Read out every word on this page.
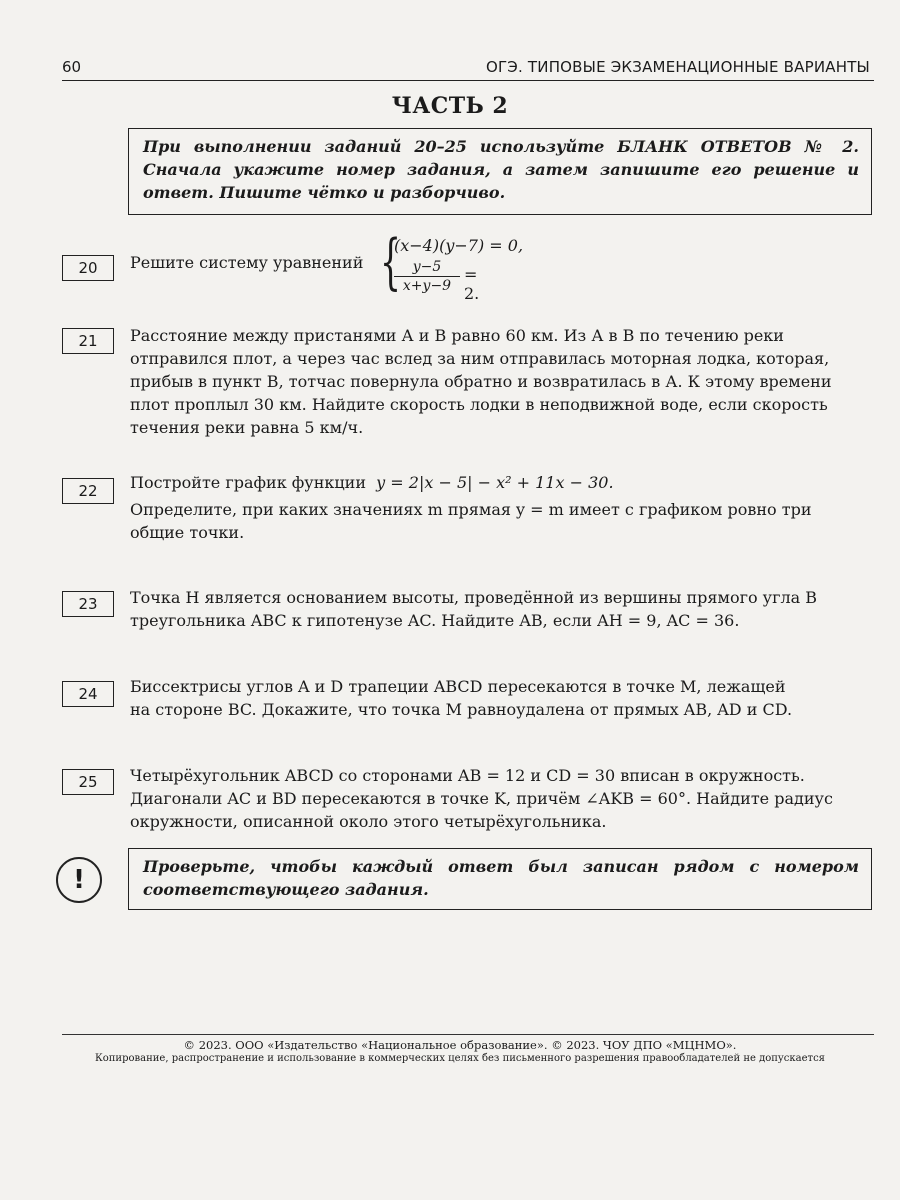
60	ОГЭ. ТИПОВЫЕ ЭКЗАМЕНАЦИОННЫЕ ВАРИАНТЫ
ЧАСТЬ 2
При выполнении заданий 20–25 используйте БЛАНК ОТВЕТОВ № 2. Сначала укажите номер задания, а затем запишите его решение и ответ. Пишите чётко и разборчиво.
20	Решите систему уравнений {
(x−4)(y−7) = 0,
$\frac{y-5}{x+y-9} = 2$.
21	Расстояние между пристанями А и В равно 60 км. Из А в В по течению реки
отправился плот, а через час вслед за ним отправилась моторная лодка, которая,
прибыв в пункт В, тотчас повернула обратно и возвратилась в А. К этому времени
плот проплыл 30 км. Найдите скорость лодки в неподвижной воде, если скорость
течения реки равна 5 км/ч.
22	Постройте график функции y = 2|x − 5| − x² + 11x − 30.
Определите, при каких значениях m прямая y = m имеет с графиком ровно три
общие точки.
23	Точка H является основанием высоты, проведённой из вершины прямого угла B
треугольника ABC к гипотенузе AC. Найдите AB, если AH = 9, AC = 36.
24	Биссектрисы углов A и D трапеции ABCD пересекаются в точке M, лежащей
на стороне BC. Докажите, что точка M равноудалена от прямых AB, AD и CD.
25	Четырёхугольник ABCD со сторонами AB = 12 и CD = 30 вписан в окружность.
Диагонали AC и BD пересекаются в точке K, причём ∠AKB = 60°. Найдите радиус
окружности, описанной около этого четырёхугольника.
!	Проверьте, чтобы каждый ответ был записан рядом с номером соответствующего задания.
© 2023. ООО «Издательство «Национальное образование». © 2023. ЧОУ ДПО «МЦНМО».
Копирование, распространение и использование в коммерческих целях без письменного разрешения правообладателей не допускается
